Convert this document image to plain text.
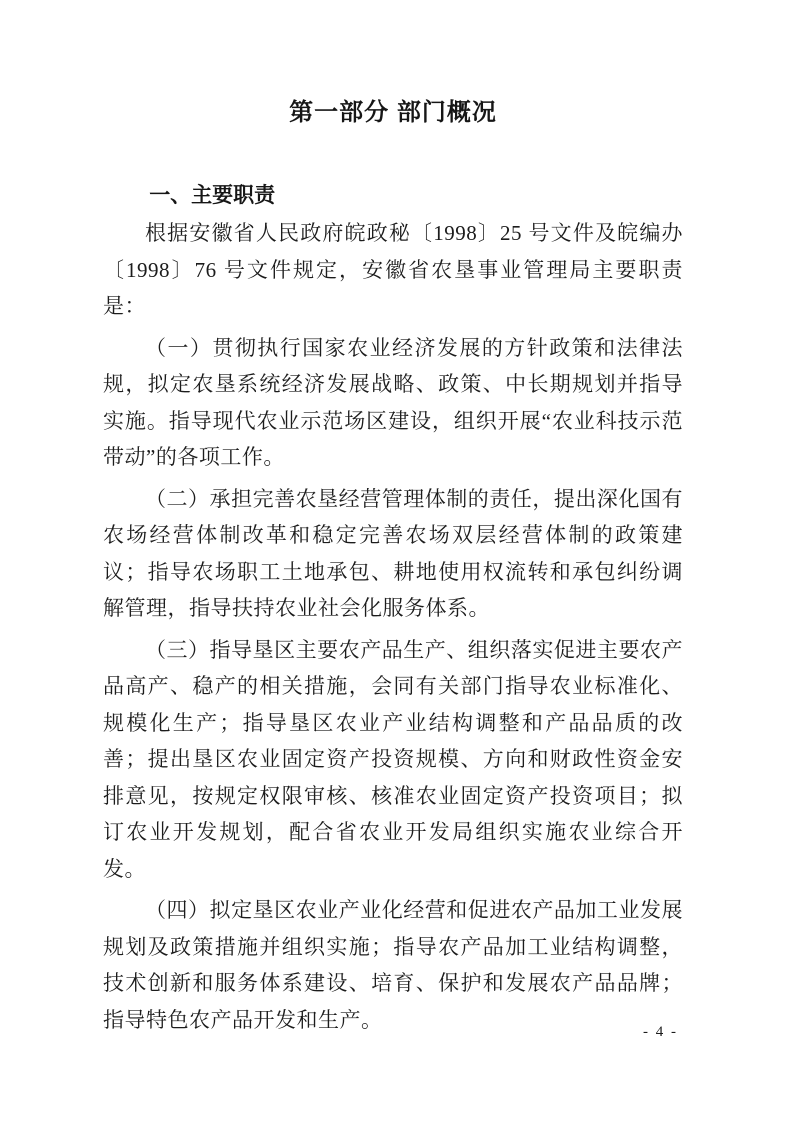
第一部分 部门概况
一、主要职责

根据安徽省人民政府皖政秘〔1998〕25 号文件及皖编办〔1998〕76 号文件规定，安徽省农垦事业管理局主要职责是：

（一）贯彻执行国家农业经济发展的方针政策和法律法规，拟定农垦系统经济发展战略、政策、中长期规划并指导实施。指导现代农业示范场区建设，组织开展“农业科技示范带动”的各项工作。

（二）承担完善农垦经营管理体制的责任，提出深化国有农场经营体制改革和稳定完善农场双层经营体制的政策建议；指导农场职工土地承包、耕地使用权流转和承包纠纷调解管理，指导扶持农业社会化服务体系。

（三）指导垦区主要农产品生产、组织落实促进主要农产品高产、稳产的相关措施，会同有关部门指导农业标准化、规模化生产；指导垦区农业产业结构调整和产品品质的改善；提出垦区农业固定资产投资规模、方向和财政性资金安排意见，按规定权限审核、核准农业固定资产投资项目；拟订农业开发规划，配合省农业开发局组织实施农业综合开发。

（四）拟定垦区农业产业化经营和促进农产品加工业发展规划及政策措施并组织实施；指导农产品加工业结构调整，技术创新和服务体系建设、培育、保护和发展农产品品牌；指导特色农产品开发和生产。

- 4 -
